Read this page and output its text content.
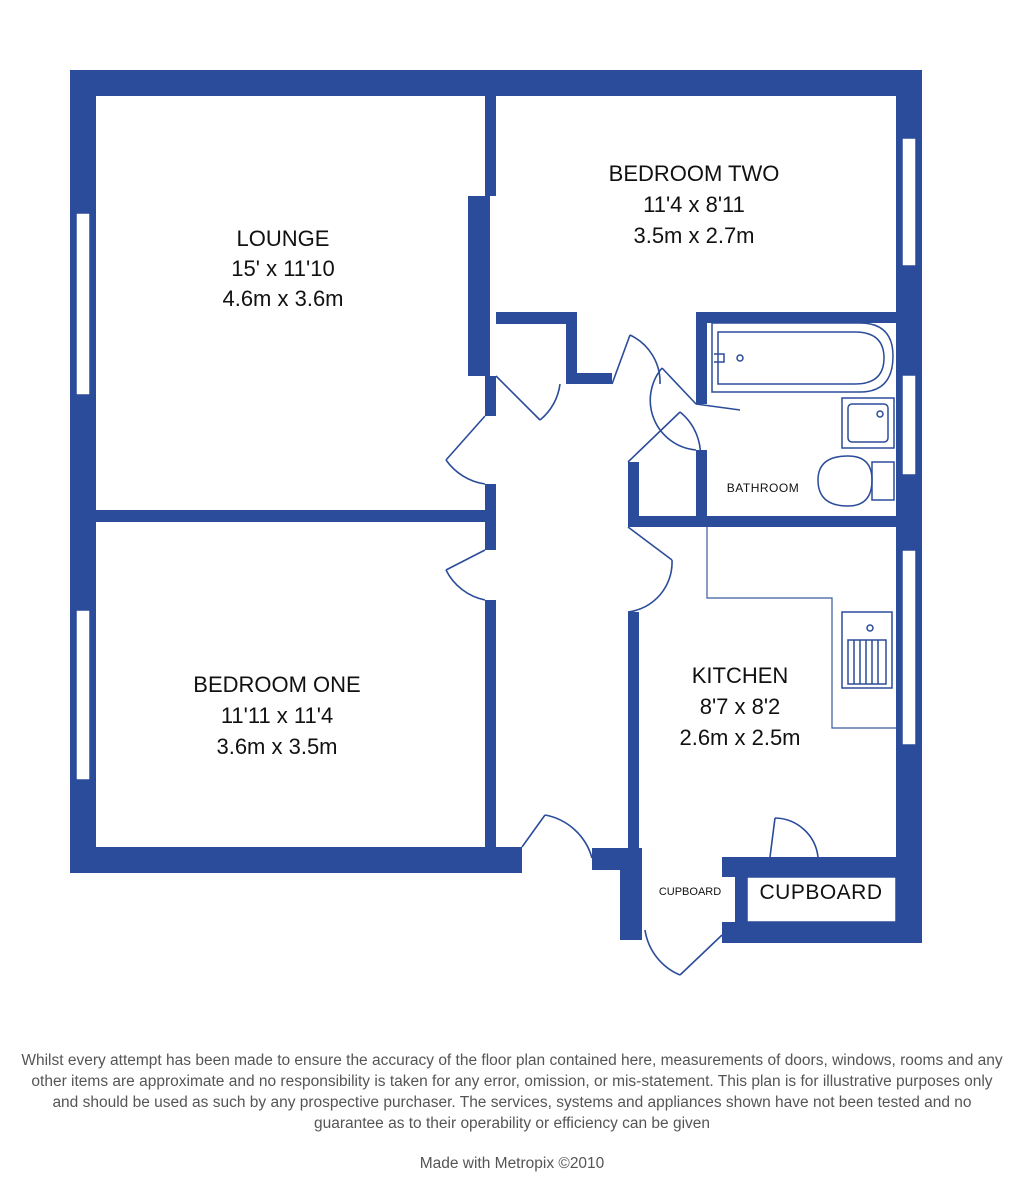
LOUNGE
15' x 11'10
4.6m x 3.6m
BEDROOM TWO
11'4 x 8'11
3.5m x 2.7m
BEDROOM ONE
11'11 x 11'4
3.6m x 3.5m
KITCHEN
8'7 x 8'2
2.6m x 2.5m
BATHROOM
CUPBOARD CUPBOARD

Whilst every attempt has been made to ensure the accuracy of the floor plan contained here, measurements of doors, windows, rooms and any other items are approximate and no responsibility is taken for any error, omission, or mis-statement. This plan is for illustrative purposes only and should be used as such by any prospective purchaser. The services, systems and appliances shown have not been tested and no guarantee as to their operability or efficiency can be given

Made with Metropix ©2010
